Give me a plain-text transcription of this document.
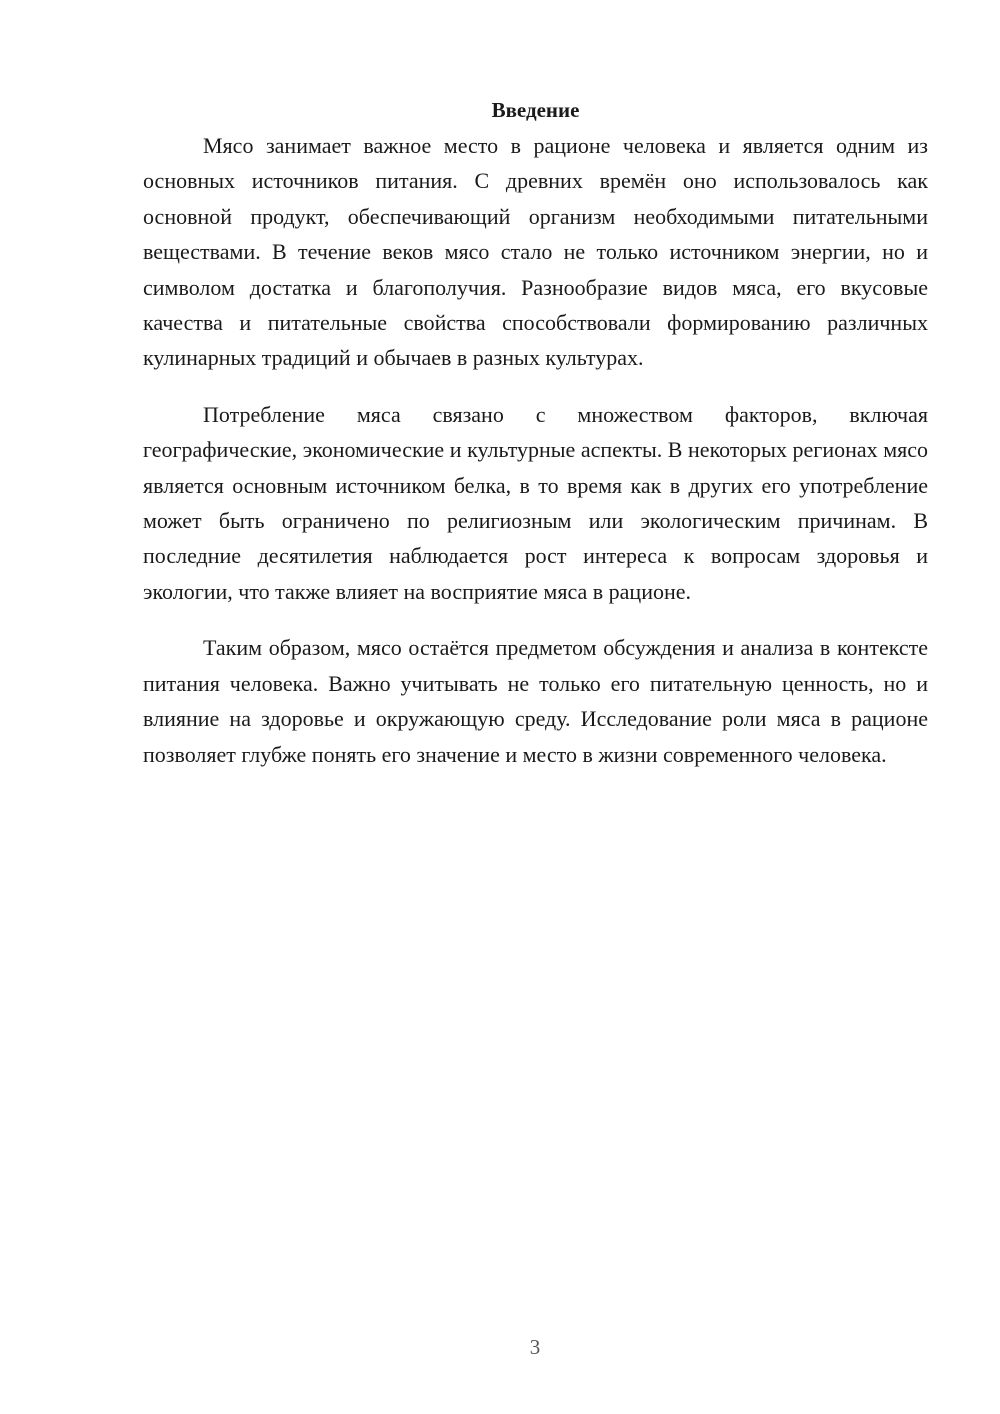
Введение

Мясо занимает важное место в рационе человека и является одним из основных источников питания. С древних времён оно использовалось как основной продукт, обеспечивающий организм необходимыми питательными веществами. В течение веков мясо стало не только источником энергии, но и символом достатка и благополучия. Разнообразие видов мяса, его вкусовые качества и питательные свойства способствовали формированию различных кулинарных традиций и обычаев в разных культурах.

Потребление мяса связано с множеством факторов, включая географические, экономические и культурные аспекты. В некоторых регионах мясо является основным источником белка, в то время как в других его употребление может быть ограничено по религиозным или экологическим причинам. В последние десятилетия наблюдается рост интереса к вопросам здоровья и экологии, что также влияет на восприятие мяса в рационе.

Таким образом, мясо остаётся предметом обсуждения и анализа в контексте питания человека. Важно учитывать не только его питательную ценность, но и влияние на здоровье и окружающую среду. Исследование роли мяса в рационе позволяет глубже понять его значение и место в жизни современного человека.

3
